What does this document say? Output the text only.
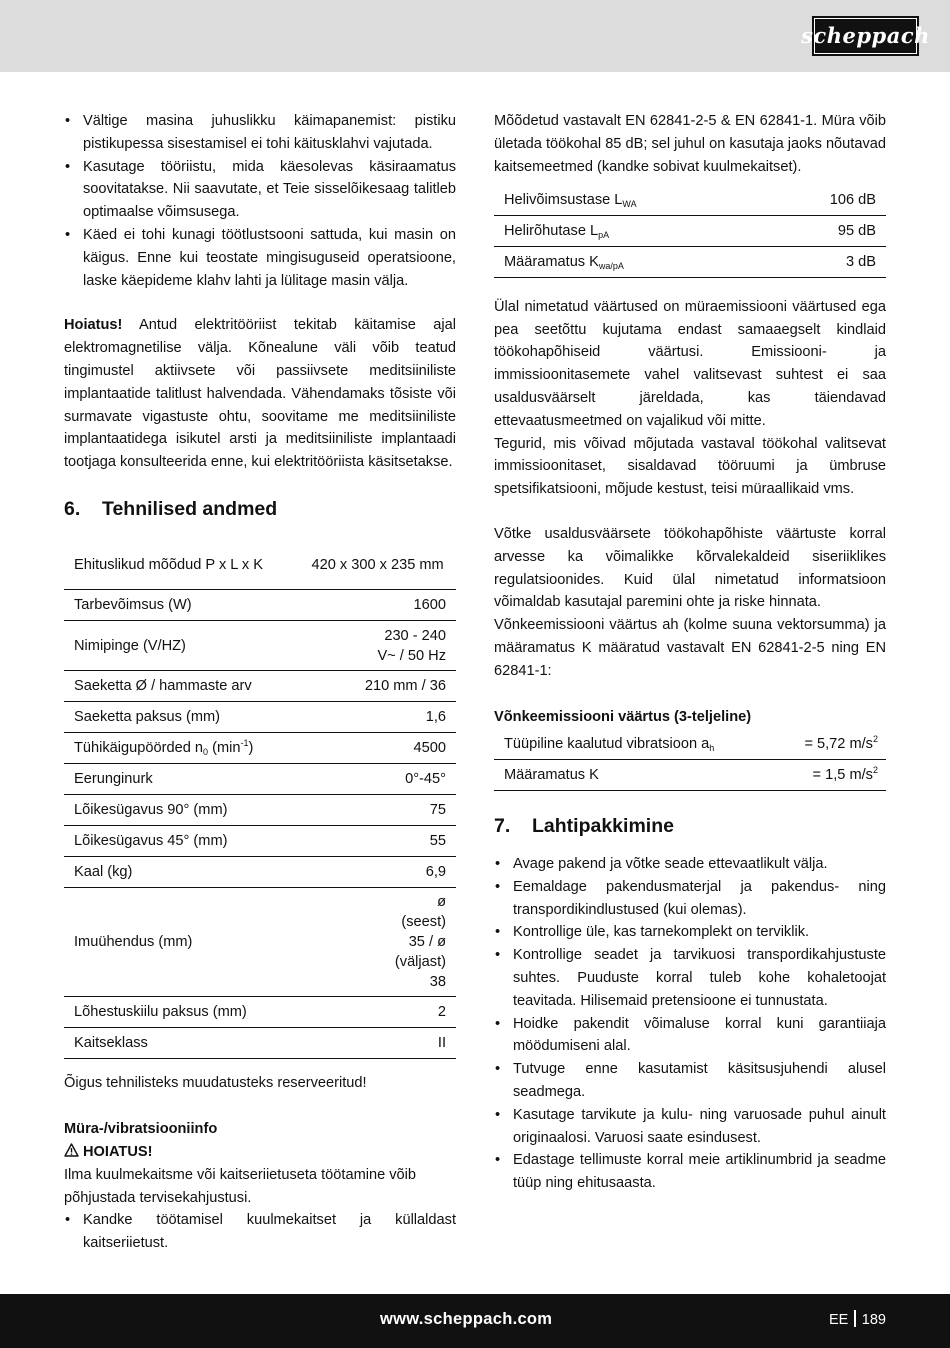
scheppach
• Vältige masina juhuslikku käimapanemist: pistiku pistikupessa sisestamisel ei tohi käitusklahvi vajutada.
• Kasutage tööriistu, mida käesolevas käsiraamatus soovitatakse. Nii saavutate, et Teie sisselõikesaag talitleb optimaalse võimsusega.
• Käed ei tohi kunagi töötlustsooni sattuda, kui masin on käigus. Enne kui teostate mingisuguseid operatsioone, laske käepideme klahv lahti ja lülitage masin välja.

Hoiatus! Antud elektritööriist tekitab käitamise ajal elektromagnetilise välja. Kõnealune väli võib teatud tingimustel aktiivsete või passiivsete meditsiiniliste implantaatide talitlust halvendada. Vähendamaks tõsiste või surmavate vigastuste ohtu, soovitame me meditsiiniliste implantaatidega isikutel arsti ja meditsiiniliste implantaadi tootjaga konsulteerida enne, kui elektritööriista käsitsetakse.

6. Tehnilised andmed
Ehituslikud mõõdud P x L x K	420 x 300 x 235 mm
Tarbevõimsus (W)	1600
Nimipinge (V/HZ)	230 - 240 V~ / 50 Hz
Saeketta Ø / hammaste arv	210 mm / 36
Saeketta paksus (mm)	1,6
Tühikäigupöörded $n_0$ $(\min^{-1})$	4500
Eerunginurk	0°-45°
Lõikesügavus 90° (mm)	75
Lõikesügavus 45° (mm)	55
Kaal (kg)	6,9
Imuühendus (mm)	ø (seest) 35 / ø (väljast) 38
Lõhestuskiilu paksus (mm)	2
Kaitseklass	II

Õigus tehnilisteks muudatusteks reserveeritud!

Müra-/vibratsiooniinfo

HOIATUS!

Ilma kuulmekaitsme või kaitseriietuseta töötamine võib põhjustada tervisekahjustusi.

• Kandke töötamisel kuulmekaitset ja küllaldast kaitseriietust.

Mõõdetud vastavalt EN 62841-2-5 & EN 62841-1. Müra võib ületada töökohal 85 dB; sel juhul on kasutaja jaoks nõutavad kaitsemeetmed (kandke sobivat kuulmekaitset).

Helivõimsustase $L_{WA}$	106 dB
Helirõhutase $L_{pA}$	95 dB
Määramatus $K_{wa/pA}$	3 dB

Ülal nimetatud väärtused on müraemissiooni väärtused ega pea seetõttu kujutama endast samaaegselt kindlaid töökohapõhiseid väärtusi. Emissiooni- ja immissioonitasemete vahel valitsevast suhtest ei saa usaldusväärselt järeldada, kas täiendavad ettevaatusmeetmed on vajalikud või mitte.

Tegurid, mis võivad mõjutada vastaval töökohal valitsevat immissioonitaset, sisaldavad tööruumi ja ümbruse spetsifikatsiooni, mõjude kestust, teisi müraallikaid vms.

Võtke usaldusväärsete töökohapõhiste väärtuste korral arvesse ka võimalikke kõrvalekaldeid siseriiklikes regulatsioonides. Kuid ülal nimetatud informatsioon võimaldab kasutajal paremini ohte ja riske hinnata.

Võnkeemissiooni väärtus ah (kolme suuna vektorsumma) ja määramatus K määratud vastavalt EN 62841-2-5 ning EN 62841-1:

Võnkeemissiooni väärtus (3-teljeline)

Tüüpiline kaalutud vibratsioon $a_h$	= 5,72 $m/s^2$
Määramatus K	= 1,5 $m/s^2$
7. Lahtipakkimine
• Avage pakend ja võtke seade ettevaatlikult välja.
• Eemaldage pakendusmaterjal ja pakendus- ning transpordikindlustused (kui olemas).
• Kontrollige üle, kas tarnekomplekt on terviklik.
• Kontrollige seadet ja tarvikuosi transpordikahjustuste suhtes. Puuduste korral tuleb kohe kohaletoojat teavitada. Hilisemaid pretensioone ei tunnustata.
• Hoidke pakendit võimaluse korral kuni garantiiaja möödumiseni alal.
• Tutvuge enne kasutamist käsitsusjuhendi alusel seadmega.
• Kasutage tarvikute ja kulu- ning varuosade puhul ainult originaalosi. Varuosi saate esindusest.
• Edastage tellimuste korral meie artiklinumbrid ja seadme tüüp ning ehitusaasta.
www.scheppach.com	EE 189
